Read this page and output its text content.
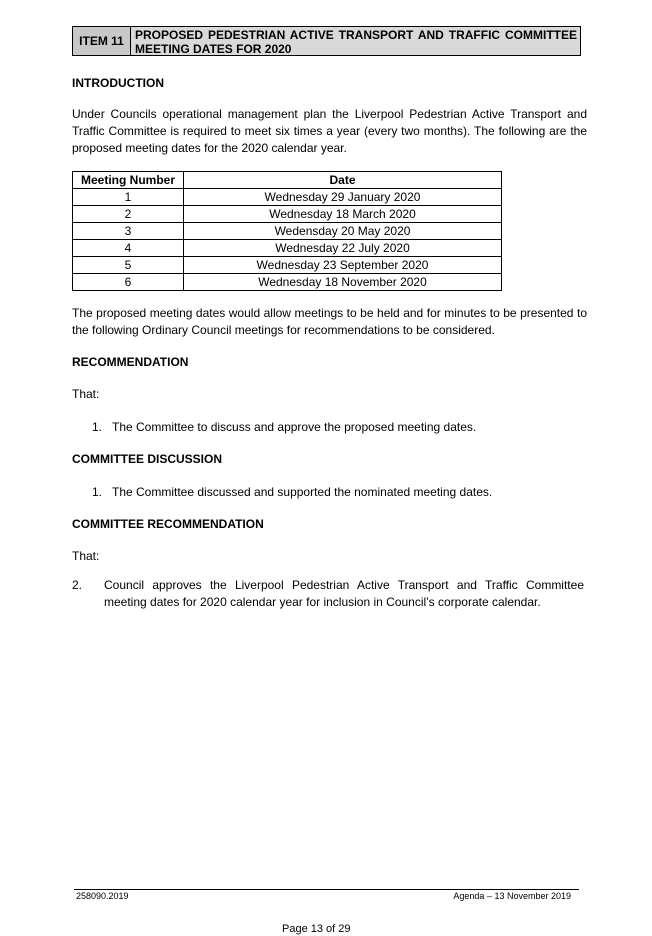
ITEM 11 PROPOSED PEDESTRIAN ACTIVE TRANSPORT AND TRAFFIC COMMITTEE MEETING DATES FOR 2020
INTRODUCTION
Under Councils operational management plan the Liverpool Pedestrian Active Transport and Traffic Committee is required to meet six times a year (every two months). The following are the proposed meeting dates for the 2020 calendar year.
Meeting Number	Date
1	Wednesday 29 January 2020
2	Wednesday 18 March 2020
3	Wedensday 20 May 2020
4	Wednesday 22 July 2020
5	Wednesday 23 September 2020
6	Wednesday 18 November 2020
The proposed meeting dates would allow meetings to be held and for minutes to be presented to the following Ordinary Council meetings for recommendations to be considered.
RECOMMENDATION
That:
1. The Committee to discuss and approve the proposed meeting dates.
COMMITTEE DISCUSSION
1. The Committee discussed and supported the nominated meeting dates.
COMMITTEE RECOMMENDATION
That:
2. Council approves the Liverpool Pedestrian Active Transport and Traffic Committee meeting dates for 2020 calendar year for inclusion in Council’s corporate calendar.
258090.2019	Agenda – 13 November 2019
Page 13 of 29
